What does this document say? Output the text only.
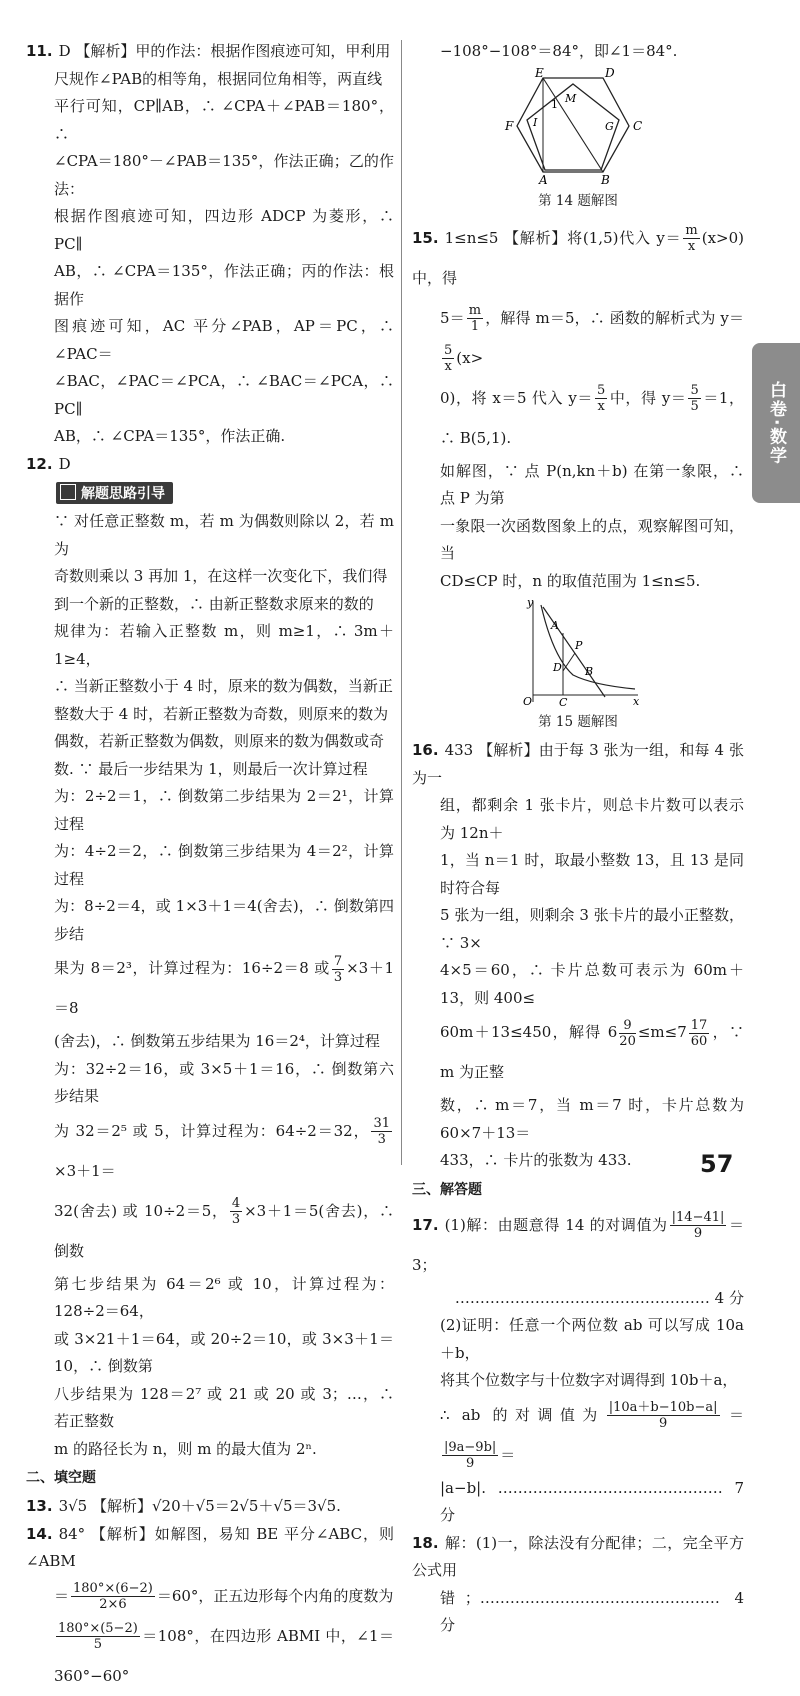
11. D 【解析】甲的作法：根据作图痕迹可知，甲利用

尺规作∠PAB的相等角，根据同位角相等，两直线

平行可知，CP∥AB，∴ ∠CPA＋∠PAB＝180°，∴

∠CPA＝180°－∠PAB＝135°，作法正确；乙的作法：

根据作图痕迹可知，四边形 ADCP 为菱形，∴ PC∥

AB，∴ ∠CPA＝135°，作法正确；丙的作法：根据作

图痕迹可知，AC 平分∠PAB，AP＝PC，∴ ∠PAC＝

∠BAC，∠PAC＝∠PCA，∴ ∠BAC＝∠PCA，∴ PC∥

AB，∴ ∠CPA＝135°，作法正确.

12. D

解题思路引导

∵ 对任意正整数 m，若 m 为偶数则除以 2，若 m 为

奇数则乘以 3 再加 1，在这样一次变化下，我们得

到一个新的正整数，∴ 由新正整数求原来的数的

规律为：若输入正整数 m，则 m≥1，∴ 3m＋1≥4，

∴ 当新正整数小于 4 时，原来的数为偶数，当新正

整数大于 4 时，若新正整数为奇数，则原来的数为

偶数，若新正整数为偶数，则原来的数为偶数或奇

数. ∵ 最后一步结果为 1，则最后一次计算过程

为：2÷2＝1，∴ 倒数第二步结果为 2＝2¹，计算过程

为：4÷2＝2，∴ 倒数第三步结果为 4＝2²，计算过程

为：8÷2＝4，或 1×3＋1＝4(舍去)，∴ 倒数第四步结

果为 8＝2³，计算过程为：16÷2＝8 或 $\frac{7}{3} \times 3+1=8$

(舍去)，∴ 倒数第五步结果为 16＝2⁴，计算过程

为：32÷2＝16，或 3×5＋1＝16，∴ 倒数第六步结果

为 32＝2⁵ 或 5，计算过程为：64÷2＝32， $\frac{31}{3}$
×3＋1＝

32(舍去) 或 10÷2＝5， $\frac{4}{3} \times 3+1=5$(舍去)，∴ 倒数

第七步结果为 64＝2⁶ 或 10，计算过程为：128÷2＝64，

或 3×21＋1＝64，或 20÷2＝10，或 3×3＋1＝10，∴ 倒数第

八步结果为 128＝2⁷ 或 21 或 20 或 3；…，∴ 若正整数

m 的路径长为 n，则 m 的最大值为 2ⁿ.

二、填空题

13. 3√5 【解析】√20＋√5＝2√5＋√5＝3√5.

14. 84° 【解析】如解图，易知 BE 平分∠ABC，则∠ABM

＝ $\frac{180^\circ\times(6-2)}{2\times 6} =60^\circ$，正五边形每个内角的度数为

$\frac{180^\circ\times(5-2)}{5} =108^\circ$，在四边形 ABMI 中，∠1＝360°−60°

−108°−108°＝84°，即∠1＝84°.

E	D
M
1
I
F	G C
A	B
第 14 题解图

15. 1≤n≤5 【解析】将(1,5)代入 $y= \frac{m}{x} (x>0)$中，得

$5= \frac{m}{1}$ ，解得 m＝5，∴ 函数的解析式为 y＝
$\frac{5}{x} (x>$

0)，将 x＝5 代入 $y= \frac{5}{x}$ 中，得 $y= \frac{5}{5} =1$，∴ B(5,1).

如解图，∵ 点 P(n,kn＋b) 在第一象限，∴ 点 P 为第

一象限一次函数图象上的点，观察解图可知，当

CD≤CP 时，n 的取值范围为 1≤n≤5.

y
A
P
D B
O C	x
第 15 题解图

16. 433 【解析】由于每 3 张为一组，和每 4 张为一

组，都剩余 1 张卡片，则总卡片数可以表示为 12n＋

1，当 n＝1 时，取最小整数 13，且 13 是同时符合每

5 张为一组，则剩余 3 张卡片的最小正整数，∵ 3×

4×5＝60，∴ 卡片总数可表示为 60m＋13，则 400≤

60m＋13≤450，解得 $6 \frac{9}{20} \le m\le 7 \frac{17}{60}$ ，∵ m 为正整

数，∴ m＝7，当 m＝7 时，卡片总数为 60×7＋13＝

433，∴ 卡片的张数为 433.

三、解答题

17. (1)解：由题意得 14 的对调值为 $\frac{|14-41|}{9} =3$；

…………………………………………… 4 分

(2)证明：任意一个两位数 ab 可以写成 10a＋b，

将其个位数字与十位数字对调得到 10b＋a，

∴ ab 的对调值为 $\frac{|10a+b-10b-a|}{9}$ ＝
$\frac{|9a-9b|}{9}$ ＝

|a−b|. ……………………………………… 7 分

18. 解：(1)一，除法没有分配律；二，完全平方公式用

错；………………………………………… 4 分

白卷·数学
57
